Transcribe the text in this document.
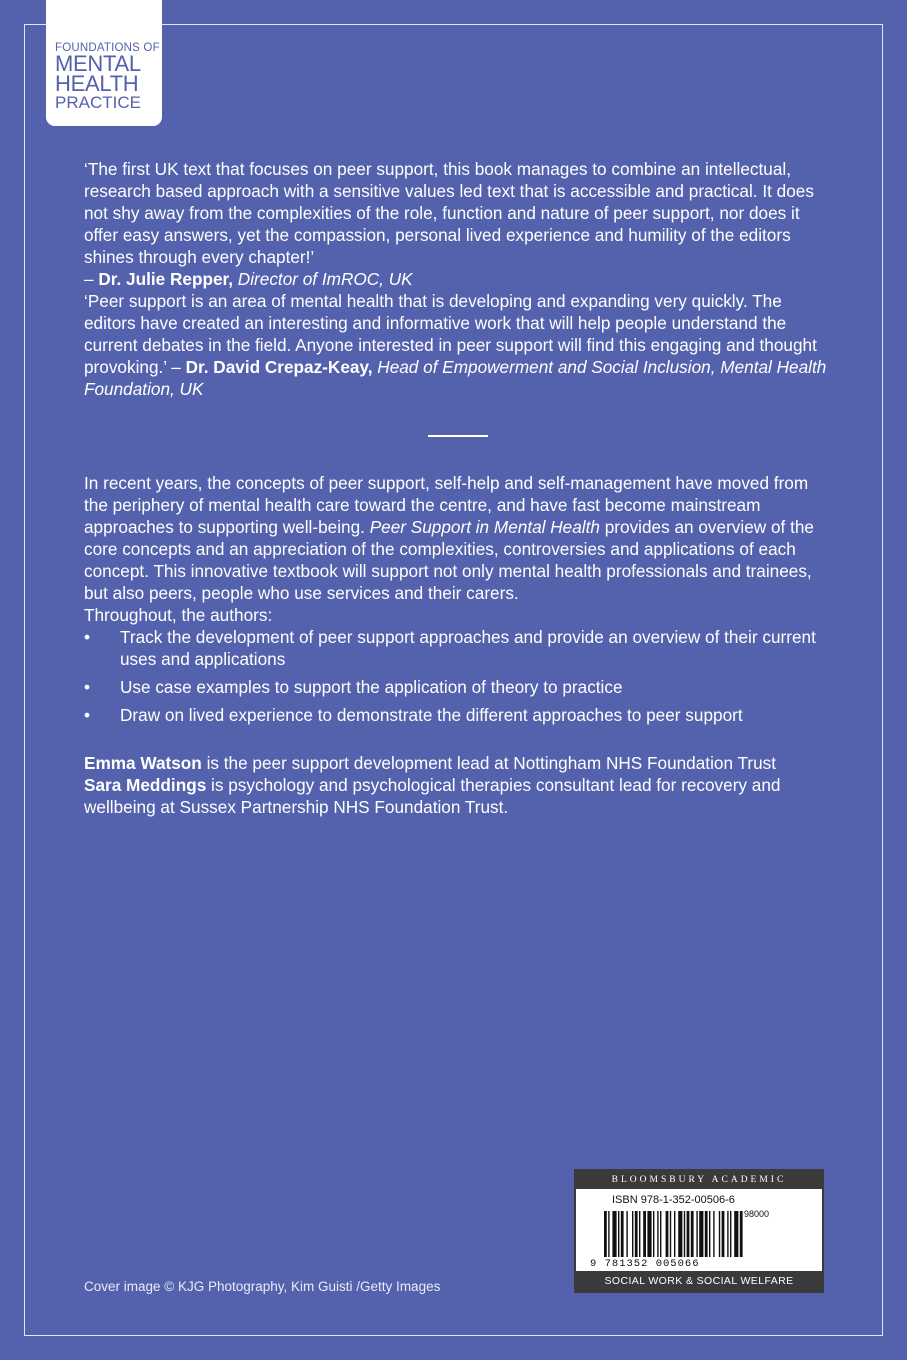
FOUNDATIONS OF
MENTAL
HEALTH
PRACTICE

‘The first UK text that focuses on peer support, this book manages to combine an intellectual, research based approach with a sensitive values led text that is accessible and practical. It does not shy away from the complexities of the role, function and nature of peer support, nor does it offer easy answers, yet the compassion, personal lived experience and humility of the editors shines through every chapter!’
– Dr. Julie Repper, Director of ImROC, UK

‘Peer support is an area of mental health that is developing and expanding very quickly. The editors have created an interesting and informative work that will help people understand the current debates in the field. Anyone interested in peer support will find this engaging and thought provoking.’ – Dr. David Crepaz-Keay, Head of Empowerment and Social Inclusion, Mental Health Foundation, UK

In recent years, the concepts of peer support, self-help and self-management have moved from the periphery of mental health care toward the centre, and have fast become mainstream approaches to supporting well-being. Peer Support in Mental Health provides an overview of the core concepts and an appreciation of the complexities, controversies and applications of each concept. This innovative textbook will support not only mental health professionals and trainees, but also peers, people who use services and their carers.

Throughout, the authors:

• Track the development of peer support approaches and provide an overview of their current uses and applications
• Use case examples to support the application of theory to practice
• Draw on lived experience to demonstrate the different approaches to peer support

Emma Watson is the peer support development lead at Nottingham NHS Foundation Trust

Sara Meddings is psychology and psychological therapies consultant lead for recovery and wellbeing at Sussex Partnership NHS Foundation Trust.

Cover image © KJG Photography, Kim Guisti /Getty Images
BLOOMSBURY ACADEMIC
ISBN 978-1-352-00506-6
98000
9 781352 005066
SOCIAL WORK & SOCIAL WELFARE
